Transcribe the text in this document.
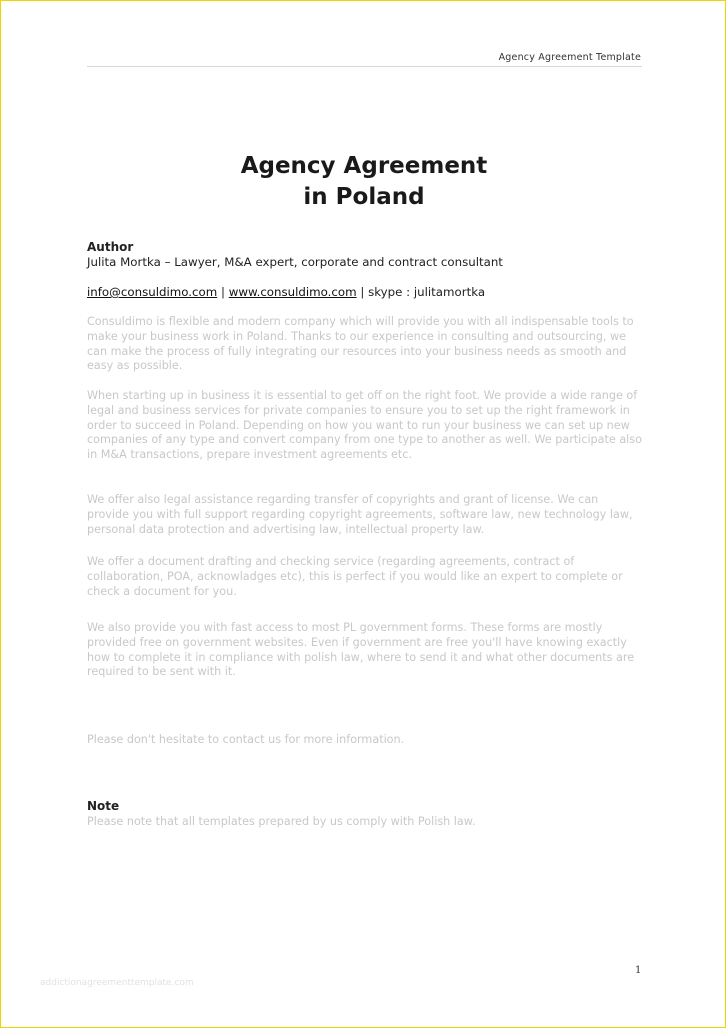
Agency Agreement Template
Agency Agreement
in Poland
Author
Julita Mortka – Lawyer, M&A expert, corporate and contract consultant
info@consuldimo.com | www.consuldimo.com | skype : julitamortka
Consuldimo is flexible and modern company which will provide you with all indispensable tools to make your business work in Poland. Thanks to our experience in consulting and outsourcing, we can make the process of fully integrating our resources into your business needs as smooth and easy as possible.
When starting up in business it is essential to get off on the right foot. We provide a wide range of legal and business services for private companies to ensure you to set up the right framework in order to succeed in Poland. Depending on how you want to run your business we can set up new companies of any type and convert company from one type to another as well. We participate also in M&A transactions, prepare investment agreements etc.
We offer also legal assistance regarding transfer of copyrights and grant of license. We can provide you with full support regarding copyright agreements, software law, new technology law, personal data protection and advertising law, intellectual property law.
We offer a document drafting and checking service (regarding agreements, contract of collaboration, POA, acknowladges etc), this is perfect if you would like an expert to complete or check a document for you.
We also provide you with fast access to most PL government forms. These forms are mostly provided free on government websites. Even if government are free you'll have knowing exactly how to complete it in compliance with polish law, where to send it and what other documents are required to be sent with it.
Please don't hesitate to contact us for more information.
Note
Please note that all templates prepared by us comply with Polish law.
1
addictionagreementtemplate.com
